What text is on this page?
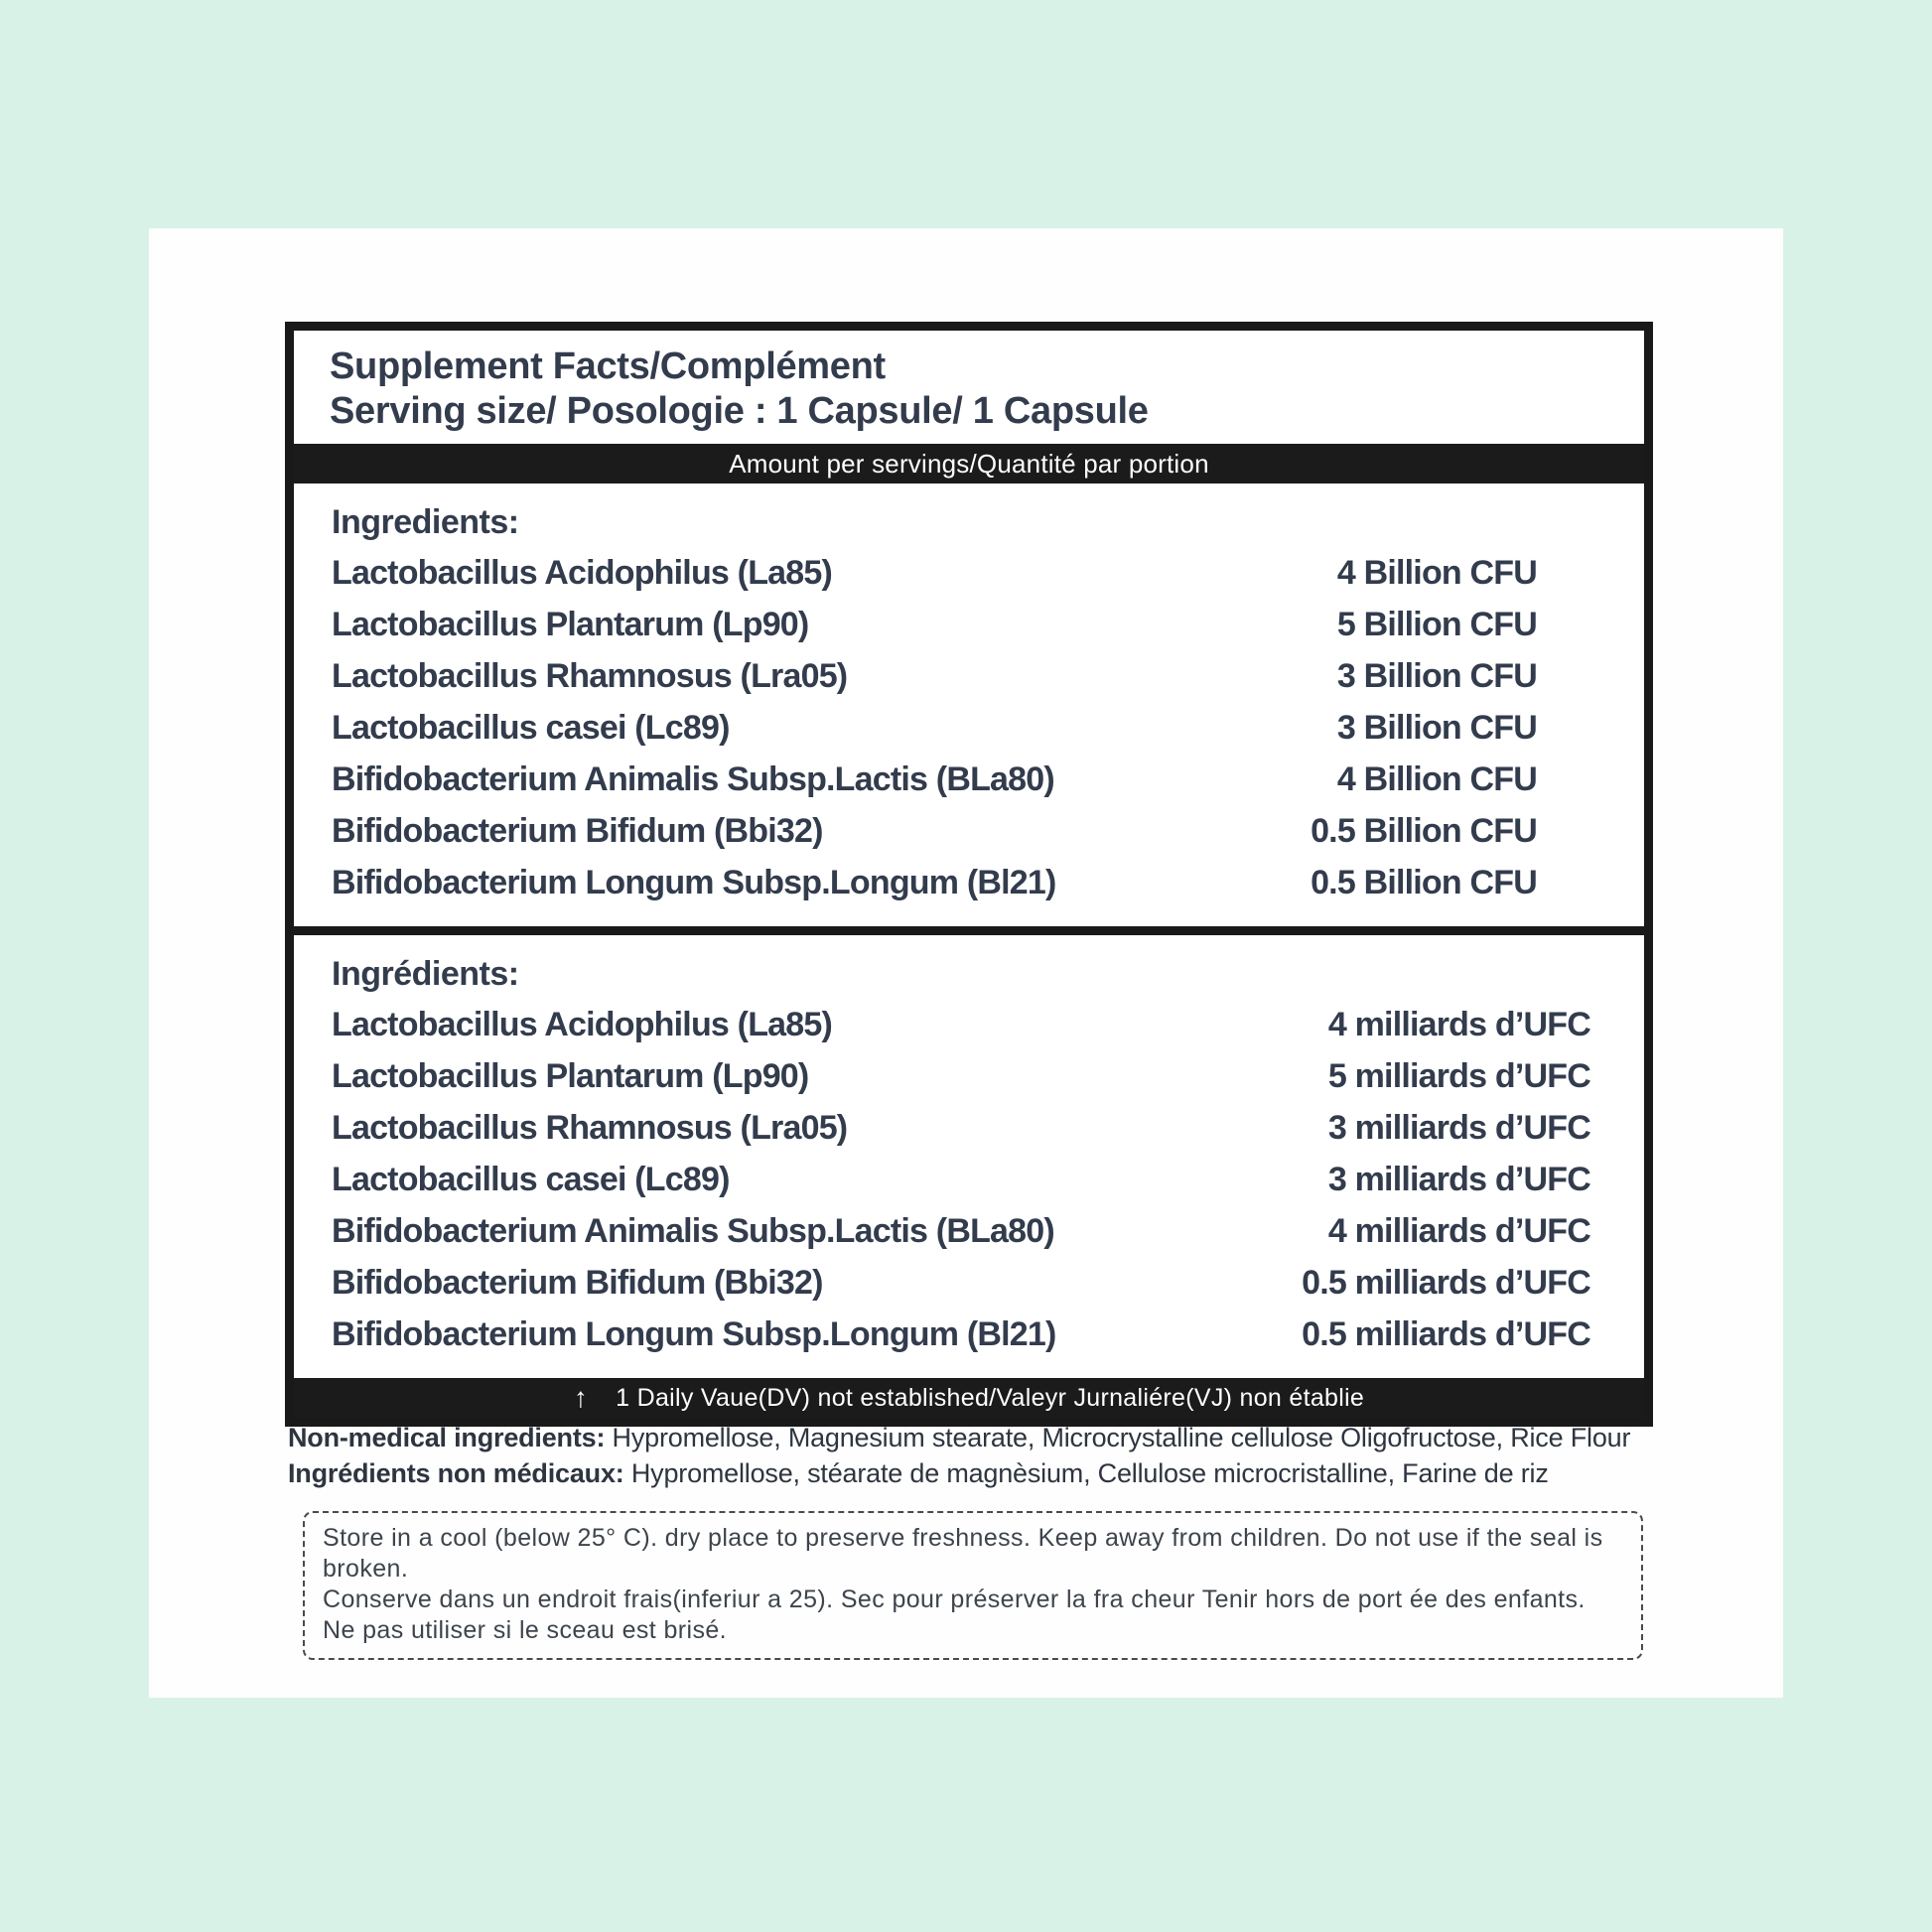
Supplement Facts/Complément
Serving size/ Posologie : 1 Capsule/ 1 Capsule
Amount per servings/Quantité par portion
Ingredients:
Lactobacillus Acidophilus (La85)	4 Billion CFU
Lactobacillus Plantarum (Lp90)	5 Billion CFU
Lactobacillus Rhamnosus (Lra05)	3 Billion CFU
Lactobacillus casei (Lc89)	3 Billion CFU
Bifidobacterium Animalis Subsp.Lactis (BLa80)	4 Billion CFU
Bifidobacterium Bifidum (Bbi32)	0.5 Billion CFU
Bifidobacterium Longum Subsp.Longum (Bl21)	0.5 Billion CFU
Ingrédients:
Lactobacillus Acidophilus (La85)	4 milliards d’UFC
Lactobacillus Plantarum (Lp90)	5 milliards d’UFC
Lactobacillus Rhamnosus (Lra05)	3 milliards d’UFC
Lactobacillus casei (Lc89)	3 milliards d’UFC
Bifidobacterium Animalis Subsp.Lactis (BLa80)	4 milliards d’UFC
Bifidobacterium Bifidum (Bbi32)	0.5 milliards d’UFC
Bifidobacterium Longum Subsp.Longum (Bl21)	0.5 milliards d’UFC
↑ 1 Daily Vaue(DV) not established/Valeyr Jurnaliére(VJ) non établie
Non-medical ingredients: Hypromellose, Magnesium stearate, Microcrystalline cellulose Oligofructose, Rice Flour
Ingrédients non médicaux: Hypromellose, stéarate de magnèsium, Cellulose microcristalline, Farine de riz

Store in a cool (below 25° C). dry place to preserve freshness. Keep away from children. Do not use if the seal is broken.

Conserve dans un endroit frais(inferiur a 25). Sec pour préserver la fra cheur Tenir hors de port ée des enfants. Ne pas utiliser si le sceau est brisé.
